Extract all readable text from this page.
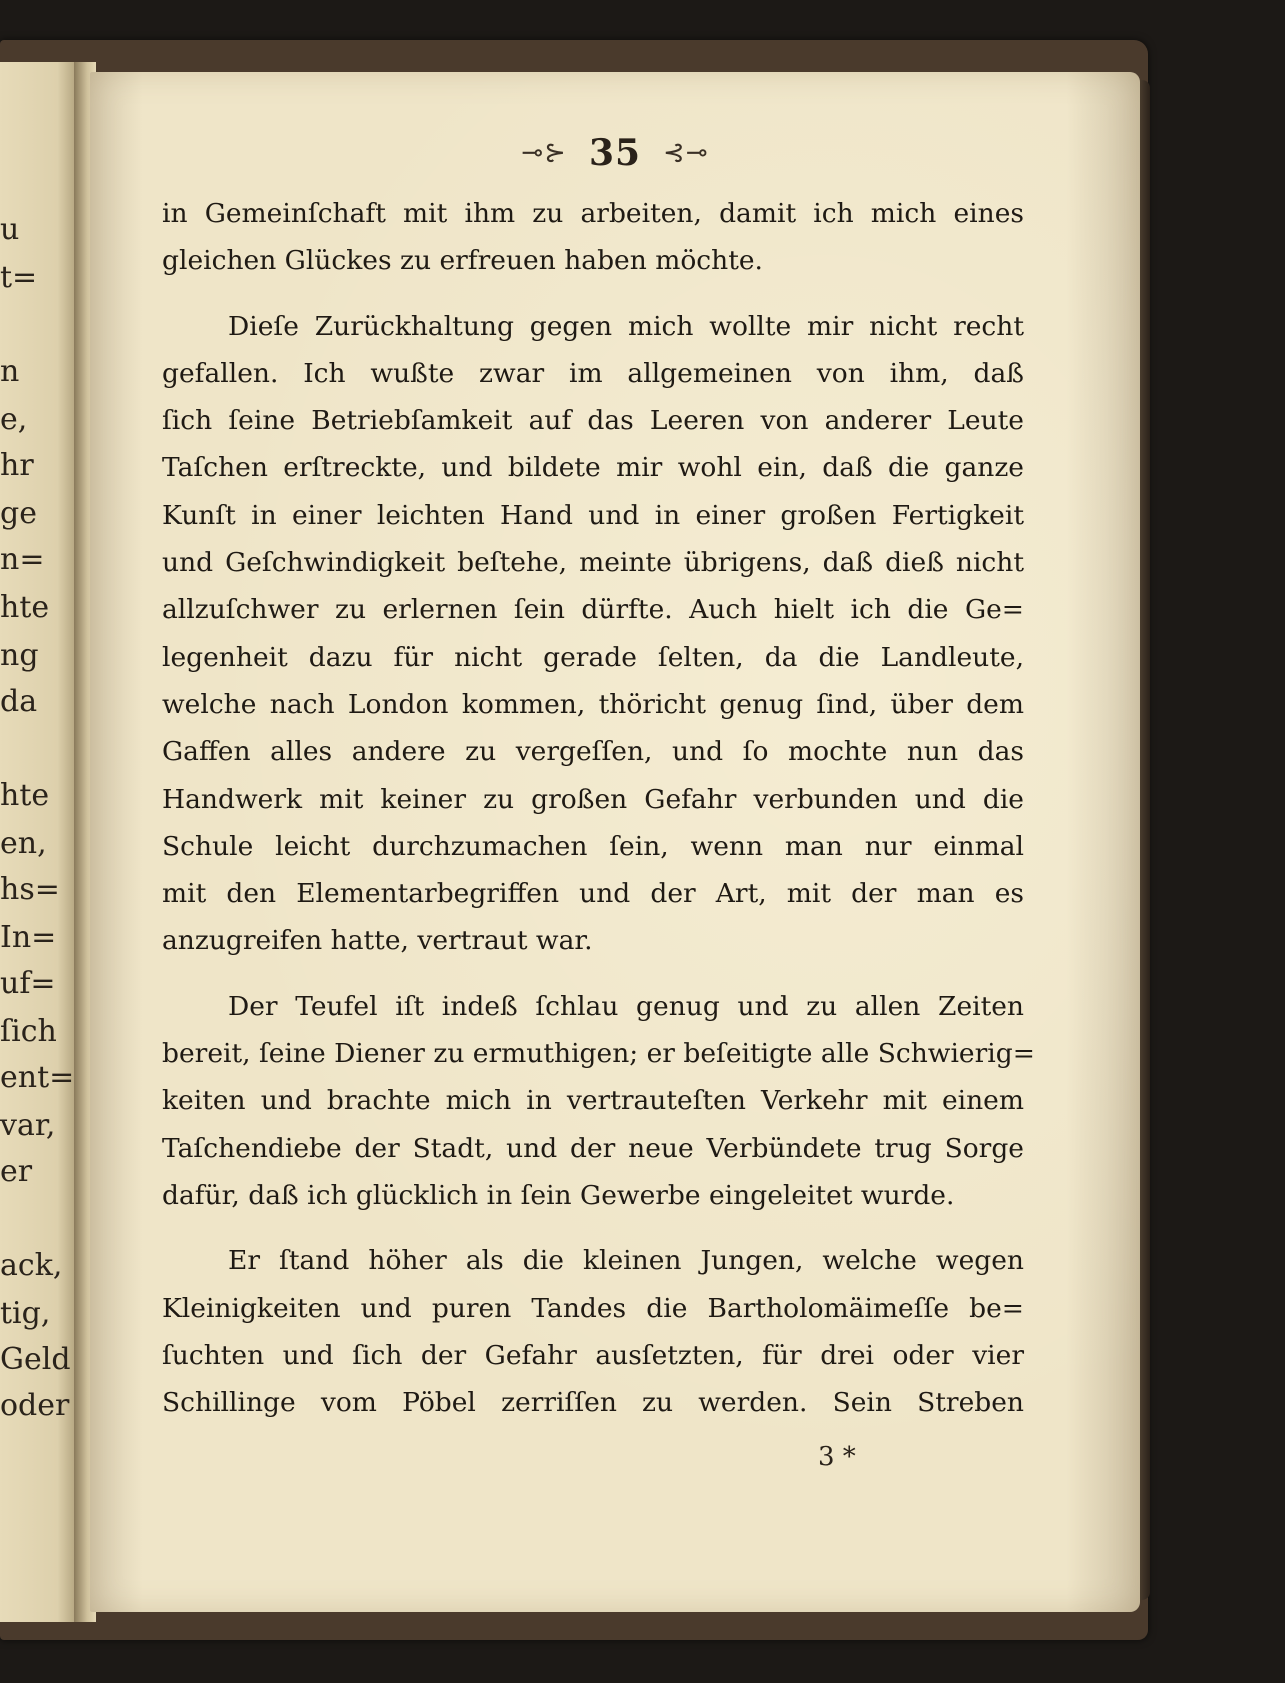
u
t=
n
e,
hr
ge
n=
hte
ng
da
hte
en,
hs=
In=
uf=
ſich
ent=
var,
er
ack,
tig,
Geld
oder
⊸⊱ 35 ⊰⊸
in Gemeinſchaft mit ihm zu arbeiten, damit ich mich eines
gleichen Glückes zu erfreuen haben möchte.
Dieſe Zurückhaltung gegen mich wollte mir nicht recht
gefallen. Ich wußte zwar im allgemeinen von ihm, daß
ſich ſeine Betriebſamkeit auf das Leeren von anderer Leute
Taſchen erſtreckte, und bildete mir wohl ein, daß die ganze
Kunſt in einer leichten Hand und in einer großen Fertigkeit
und Geſchwindigkeit beſtehe, meinte übrigens, daß dieß nicht
allzuſchwer zu erlernen ſein dürfte. Auch hielt ich die Ge=
legenheit dazu für nicht gerade ſelten, da die Landleute,
welche nach London kommen, thöricht genug ſind, über dem
Gaffen alles andere zu vergeſſen, und ſo mochte nun das
Handwerk mit keiner zu großen Gefahr verbunden und die
Schule leicht durchzumachen ſein, wenn man nur einmal
mit den Elementarbegriffen und der Art, mit der man es
anzugreifen hatte, vertraut war.
Der Teufel iſt indeß ſchlau genug und zu allen Zeiten
bereit, ſeine Diener zu ermuthigen; er beſeitigte alle Schwierig=
keiten und brachte mich in vertrauteſten Verkehr mit einem
Taſchendiebe der Stadt, und der neue Verbündete trug Sorge
dafür, daß ich glücklich in ſein Gewerbe eingeleitet wurde.
Er ſtand höher als die kleinen Jungen, welche wegen
Kleinigkeiten und puren Tandes die Bartholomäimeſſe be=
ſuchten und ſich der Gefahr ausſetzten, für drei oder vier
Schillinge vom Pöbel zerriſſen zu werden. Sein Streben
3 *
